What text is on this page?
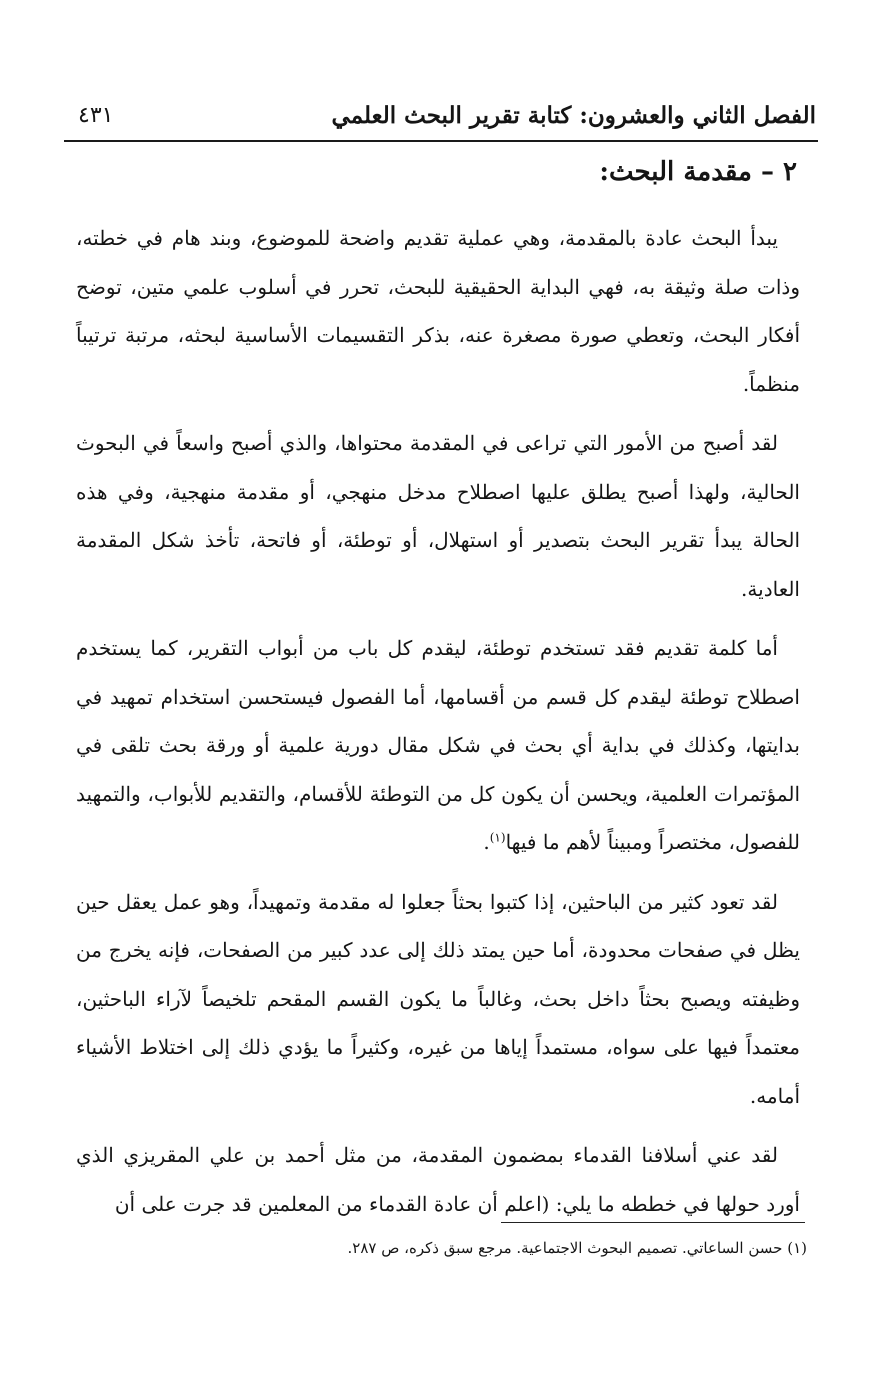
الفصل الثاني والعشرون: كتابة تقرير البحث العلمي
٤٣١
٢ – مقدمة البحث:

يبدأ البحث عادة بالمقدمة، وهي عملية تقديم واضحة للموضوع، وبند هام في خطته، وذات صلة وثيقة به، فهي البداية الحقيقية للبحث، تحرر في أسلوب علمي متين، توضح أفكار البحث، وتعطي صورة مصغرة عنه، بذكر التقسيمات الأساسية لبحثه، مرتبة ترتيباً منظماً.

لقد أصبح من الأمور التي تراعى في المقدمة محتواها، والذي أصبح واسعاً في البحوث الحالية، ولهذا أصبح يطلق عليها اصطلاح مدخل منهجي، أو مقدمة منهجية، وفي هذه الحالة يبدأ تقرير البحث بتصدير أو استهلال، أو توطئة، أو فاتحة، تأخذ شكل المقدمة العادية.

أما كلمة تقديم فقد تستخدم توطئة، ليقدم كل باب من أبواب التقرير، كما يستخدم اصطلاح توطئة ليقدم كل قسم من أقسامها، أما الفصول فيستحسن استخدام تمهيد في بدايتها، وكذلك في بداية أي بحث في شكل مقال دورية علمية أو ورقة بحث تلقى في المؤتمرات العلمية، ويحسن أن يكون كل من التوطئة للأقسام، والتقديم للأبواب، والتمهيد للفصول، مختصراً ومبيناً لأهم ما فيها$^{(١)}$.

لقد تعود كثير من الباحثين، إذا كتبوا بحثاً جعلوا له مقدمة وتمهيداً، وهو عمل يعقل حين يظل في صفحات محدودة، أما حين يمتد ذلك إلى عدد كبير من الصفحات، فإنه يخرج من وظيفته ويصبح بحثاً داخل بحث، وغالباً ما يكون القسم المقحم تلخيصاً لآراء الباحثين، معتمداً فيها على سواه، مستمداً إياها من غيره، وكثيراً ما يؤدي ذلك إلى اختلاط الأشياء أمامه.

لقد عني أسلافنا القدماء بمضمون المقدمة، من مثل أحمد بن علي المقريزي الذي أورد حولها في خططه ما يلي: (اعلم أن عادة القدماء من المعلمين قد جرت على أن

(١) حسن الساعاتي. تصميم البحوث الاجتماعية. مرجع سبق ذكره، ص ٢٨٧.
